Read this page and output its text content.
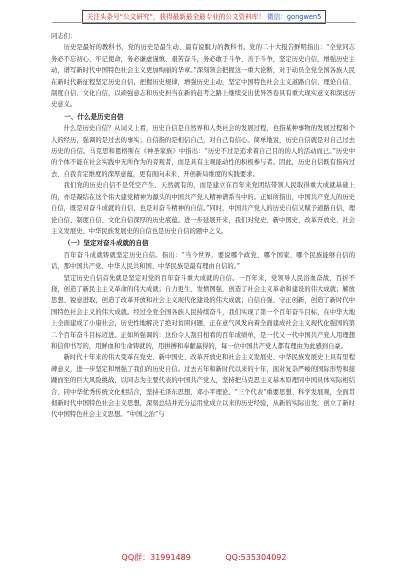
关注头条号“公文研究”，获得最新最全最专业的公文资料库！ 微信：gongwen5

同志们：

历史是最好的教科书，党的历史是最生动、最有说服力的教科书。党的二十大报告鲜明指出：“全党同志务必不忘初心、牢记使命，务必谦虚谨慎、艰苦奋斗，务必敢于斗争、善于斗争，坚定历史自信，增强历史主动，谱写新时代中国特色社会主义更加绚丽的华章。”深刻领会把握这一重大论断，对于动员全党全国各族人民在新时代新征程坚定历史自信，把握历史规律，增强历史主动，坚定中国特色社会主义道路自信、理论自信、制度自信、文化自信，以顽强意志和历史担当在新的赶考之路上继续交出优异答卷具有重大现实意义和深远历史意义。

一、什么是历史自信

什么是历史自信？从词义上看，历史自信是自然界和人类社会的发展过程，也指某种事物的发展过程和个人的经历，强调的是过去的事实；自信指的是相信自己，对自己有信心。简单地说，历史自信就是对自己过去历史的自信。马克思和恩格斯在《神圣家族》中指出：“历史不过是追求着自己目的的人的活动而已。”历史中的个体不能在社会实践中无所作为的旁观者，而是具有主观能动性的积极参与者。因此，历史自信既有指向过去、自我肯定维度的深厚意蕴，更有面向未来、开创新局维度的实践要求。

我们党的历史自信不是凭空产生、天然就有的，而是建立在百年来党团结带领人民取得重大成就基础上的，亦是凝结在这个伟大建党精神为源头的中国共产党人精神谱系当中的。正如所指出，中国共产党人的历史自信，既是对奋斗成就的自信，也是对奋斗精神的自信。”同时，中国共产党人的历史自信又赋予道路自信、理论自信、制度自信、文化自信深厚的历史底蕴。进一步延展开来，我们对党史、新中国史、改革开放史、社会主义发展史、中华民族发展史的自信也是历史自信的题中之义。

（一）坚定对奋斗成就的自信

百年奋斗成就铸就坚定历史自信。指出：“当今世界，要说哪个政党、哪个国家、哪个民族能够自信的话，那中国共产党、中华人民共和国、中华民族是最有理由自信的。”

坚定历史自信首先就是坚定对党的百年奋斗重大成就的自信。一百年来，党领导人民浴血奋战、百折不挠，创造了新民主主义革命的伟大成就；自力更生、发愤图强，创造了社会主义革命和建设的伟大成就；解放思想、锐意进取，创造了改革开放和社会主义现代化建设的伟大成就；自信自强、守正创新，创造了新时代中国特色社会主义的伟大成就。经过全党全国各族人民持续奋斗，我们实现了第一个百年奋斗目标，在中华大地上全面建成了小康社会，历史性地解决了绝对贫困问题，正在意气风发向着全面建成社会主义现代化强国的第二个百年奋斗目标迈进。正如所强调的：这份令人刮目相看的百年成绩单，是一代又一代中国共产党人用理想和信仰书写的，用鲜血和生命铸就的，用拼搏和奉献赢得的，每一位中国共产党人都有理由为此感到自豪。

新时代十年来的伟大变革在党史、新中国史、改革开放史和社会主义发展史、中华民族发展史上具有里程碑意义，进一步坚定和增强了我们的历史自信。过去五年和新时代以来的十年，面对复杂严峻的国际形势和接踵而至的巨大风险挑战，以同志为主要代表的中国共产党人，坚持把马克思主义基本原理同中国具体实际相结合、同中华优秀传统文化相结合，坚持毛泽东思想、邓小平理论、“三个代表”重要思想、科学发展观，全面贯彻新时代中国特色社会主义思想，深刻总结并充分运用党成立以来的历史经验，从新的实际出发，创立了新时代中国特色社会主义思想。“中国之治”与

QQ群：31991489	QQ:535304092
